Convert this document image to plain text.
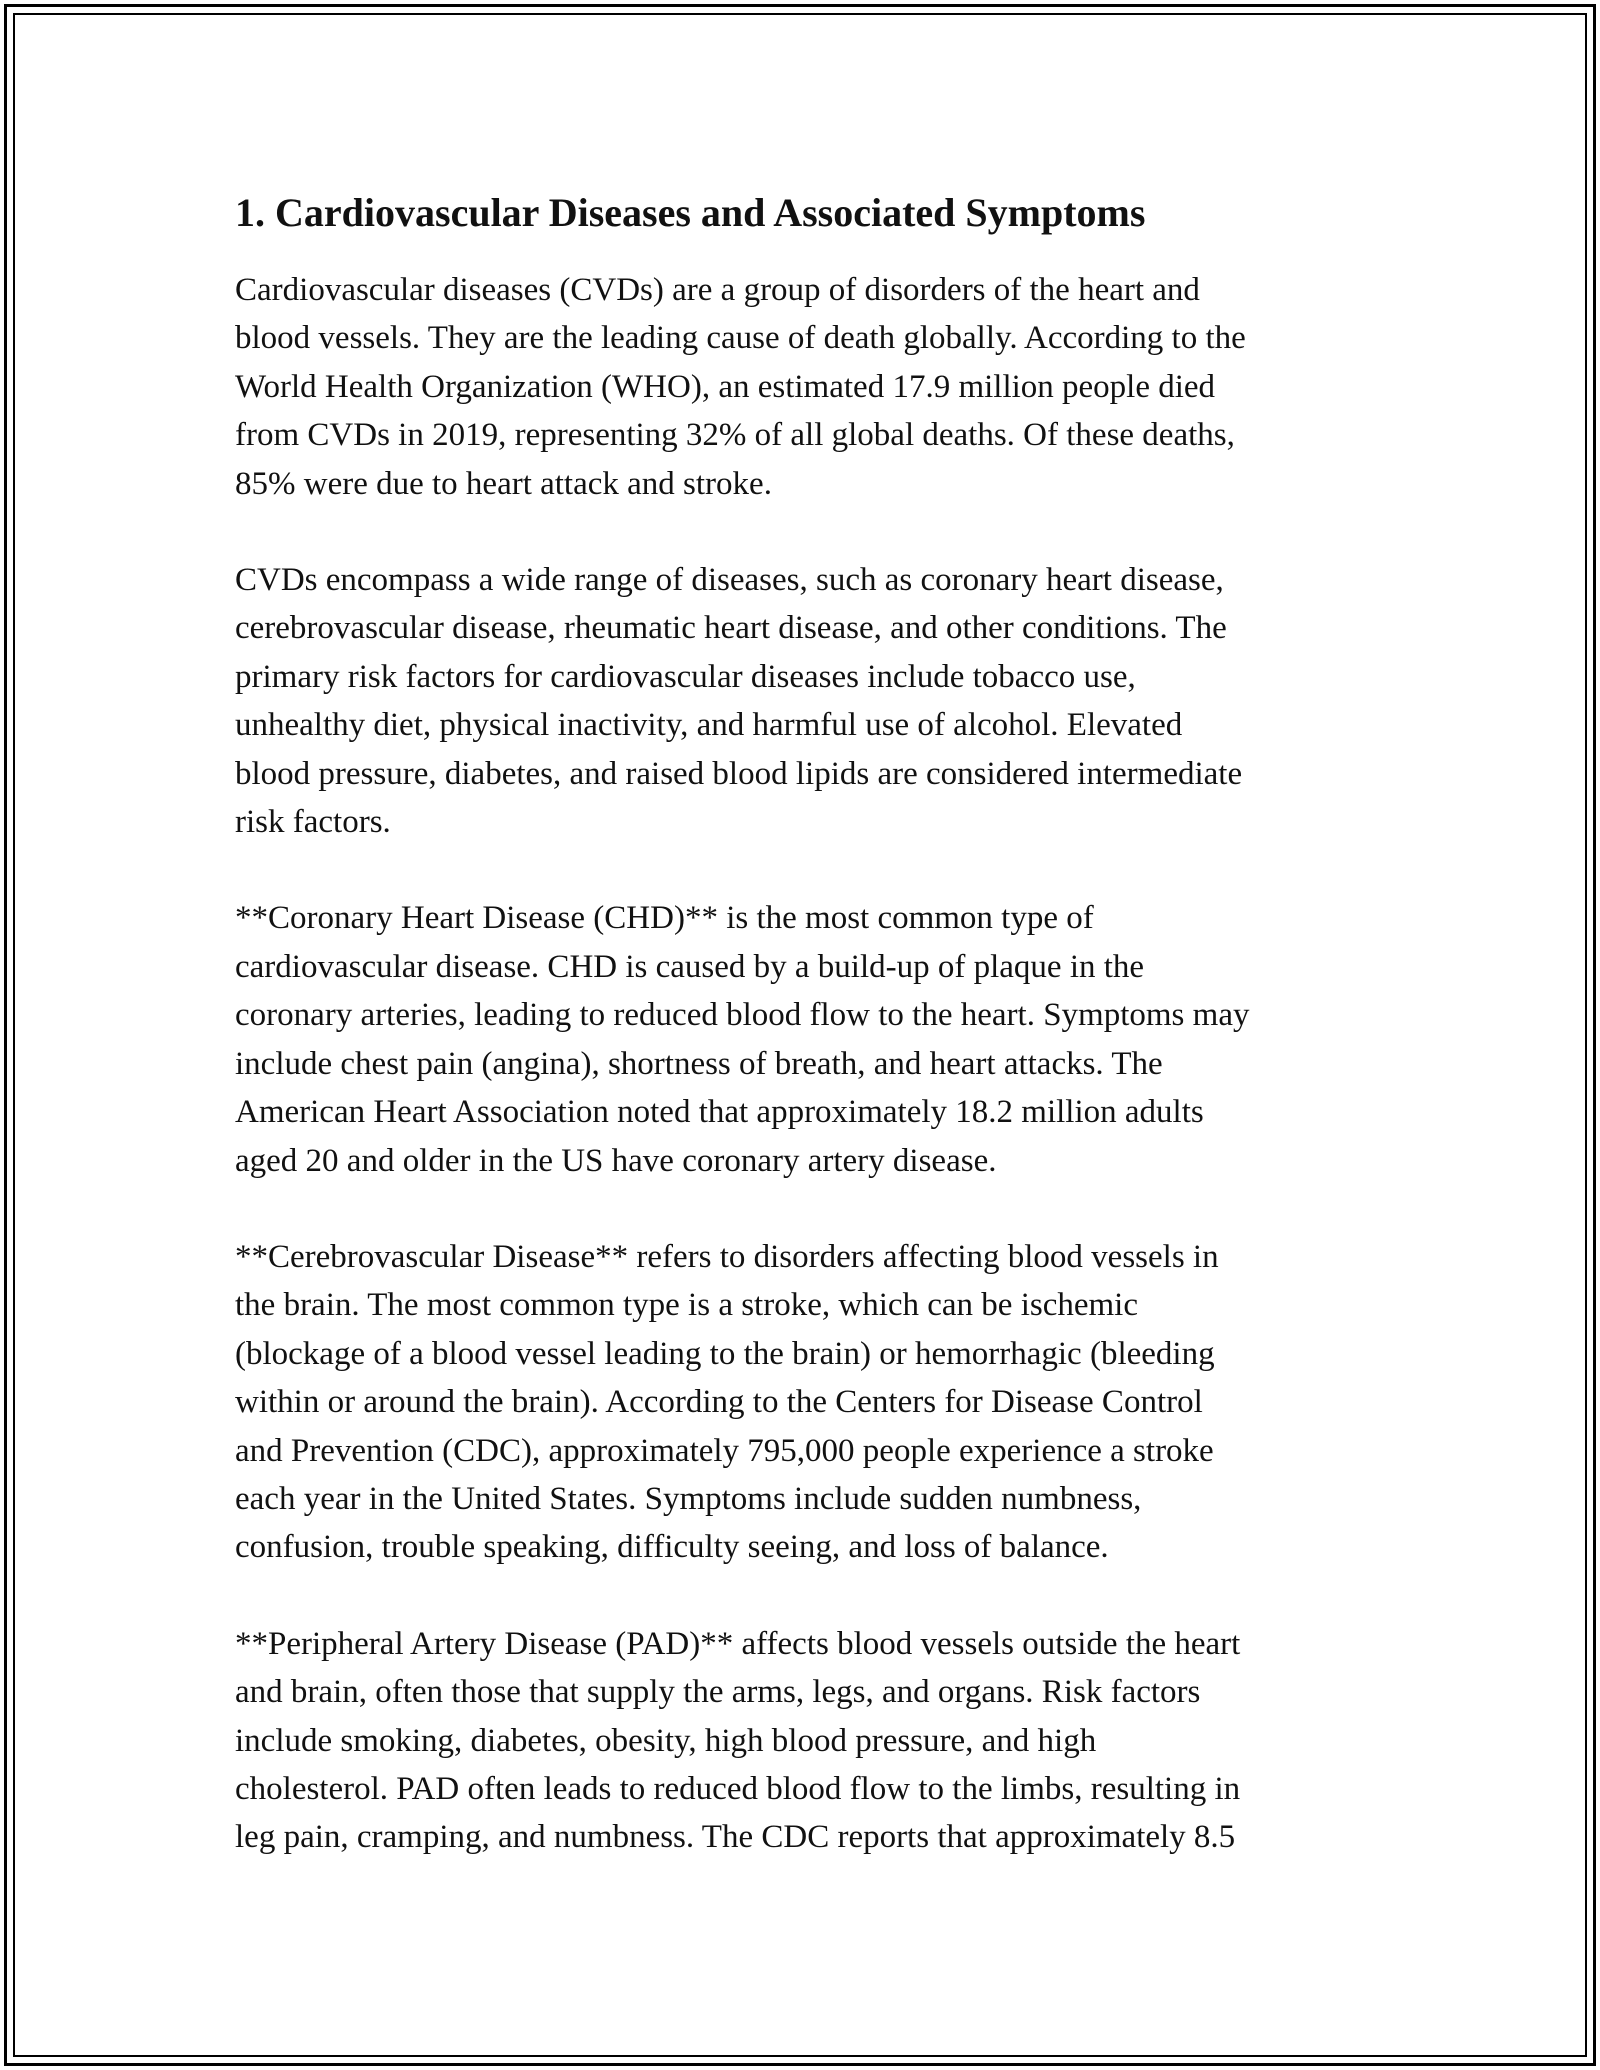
1. Cardiovascular Diseases and Associated Symptoms

Cardiovascular diseases (CVDs) are a group of disorders of the heart and
blood vessels. They are the leading cause of death globally. According to the
World Health Organization (WHO), an estimated 17.9 million people died
from CVDs in 2019, representing 32% of all global deaths. Of these deaths,
85% were due to heart attack and stroke.

CVDs encompass a wide range of diseases, such as coronary heart disease,
cerebrovascular disease, rheumatic heart disease, and other conditions. The
primary risk factors for cardiovascular diseases include tobacco use,
unhealthy diet, physical inactivity, and harmful use of alcohol. Elevated
blood pressure, diabetes, and raised blood lipids are considered intermediate
risk factors.

**Coronary Heart Disease (CHD)** is the most common type of
cardiovascular disease. CHD is caused by a build-up of plaque in the
coronary arteries, leading to reduced blood flow to the heart. Symptoms may
include chest pain (angina), shortness of breath, and heart attacks. The
American Heart Association noted that approximately 18.2 million adults
aged 20 and older in the US have coronary artery disease.

**Cerebrovascular Disease** refers to disorders affecting blood vessels in
the brain. The most common type is a stroke, which can be ischemic
(blockage of a blood vessel leading to the brain) or hemorrhagic (bleeding
within or around the brain). According to the Centers for Disease Control
and Prevention (CDC), approximately 795,000 people experience a stroke
each year in the United States. Symptoms include sudden numbness,
confusion, trouble speaking, difficulty seeing, and loss of balance.

**Peripheral Artery Disease (PAD)** affects blood vessels outside the heart
and brain, often those that supply the arms, legs, and organs. Risk factors
include smoking, diabetes, obesity, high blood pressure, and high
cholesterol. PAD often leads to reduced blood flow to the limbs, resulting in
leg pain, cramping, and numbness. The CDC reports that approximately 8.5
